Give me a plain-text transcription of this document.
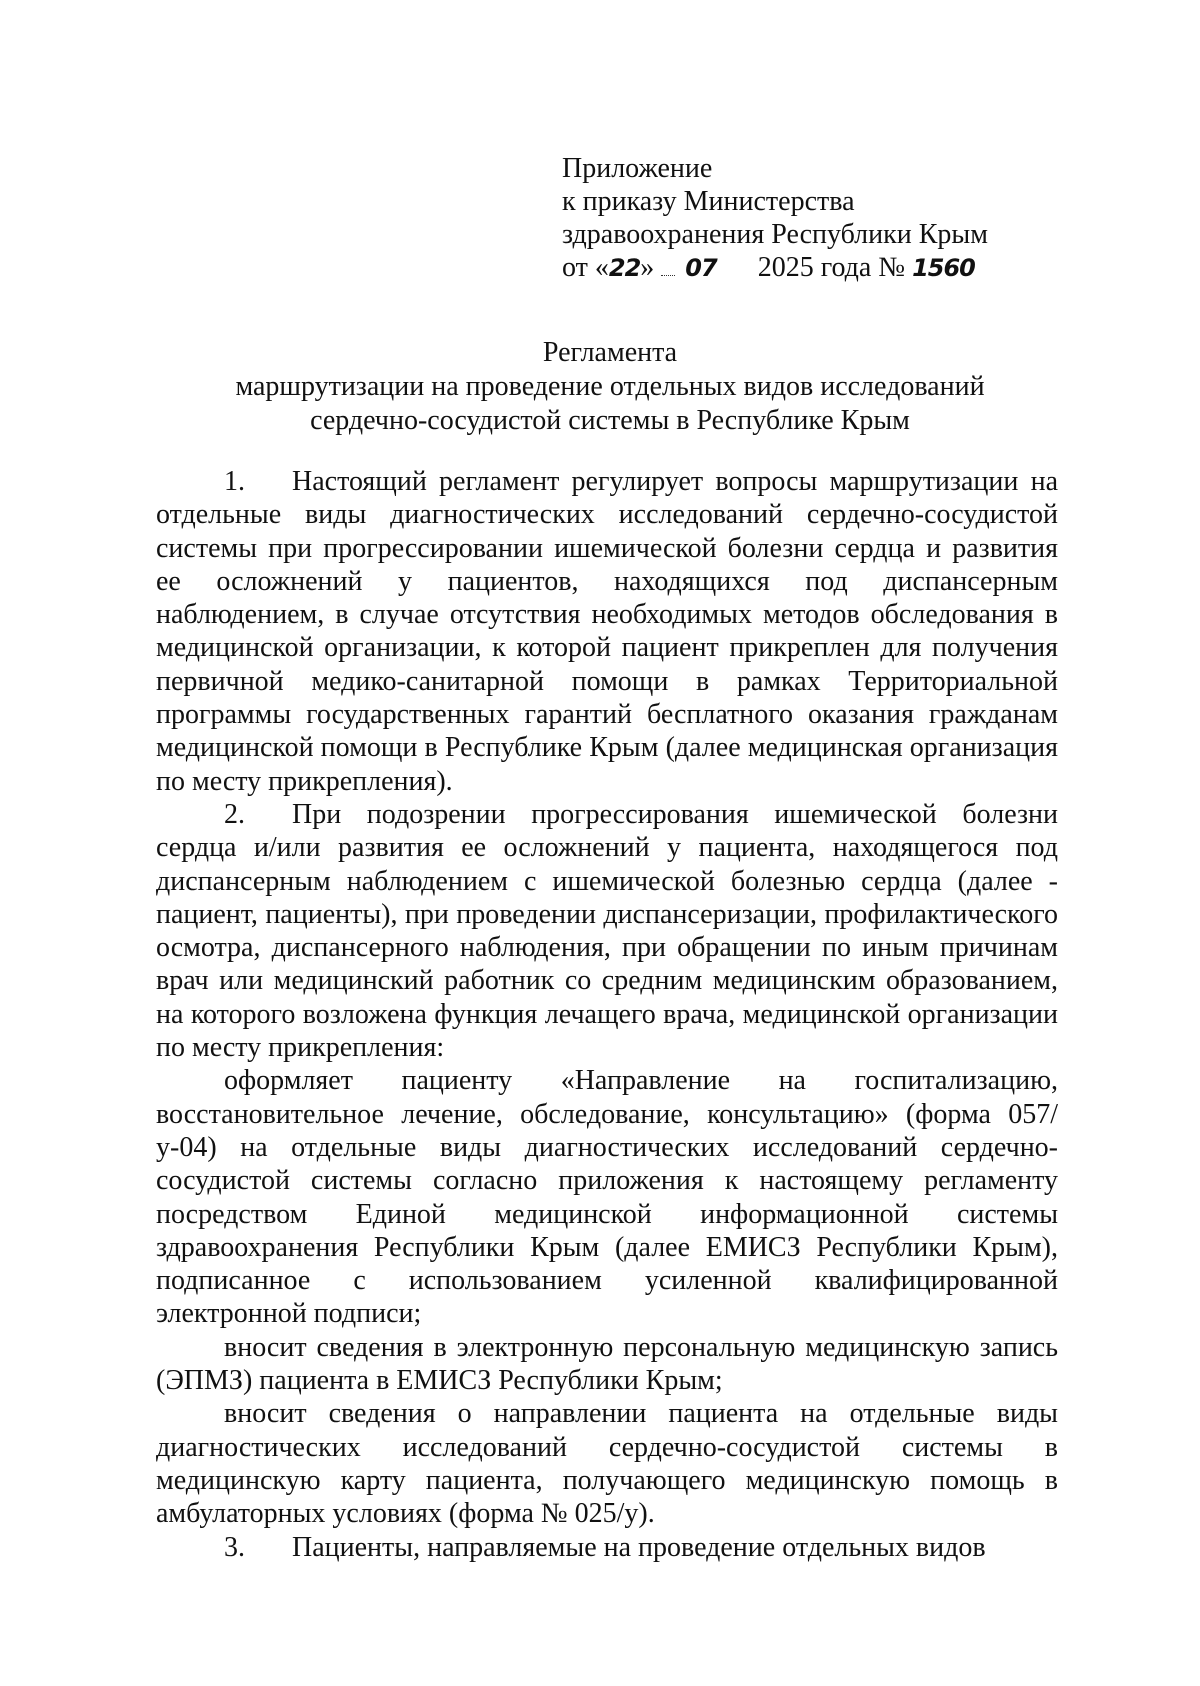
Приложение
к приказу Министерства
здравоохранения Республики Крым
от «22» 07 2025 года № 1560
Регламента
маршрутизации на проведение отдельных видов исследований
сердечно-сосудистой системы в Республике Крым

1. Настоящий регламент регулирует вопросы маршрутизации на отдельные виды диагностических исследований сердечно-сосудистой системы при прогрессировании ишемической болезни сердца и развития ее осложнений у пациентов, находящихся под диспансерным наблюдением, в случае отсутствия необходимых методов обследования в медицинской организации, к которой пациент прикреплен для получения первичной медико-санитарной помощи в рамках Территориальной программы государственных гарантий бесплатного оказания гражданам медицинской помощи в Республике Крым (далее медицинская организация по месту прикрепления).

2. При подозрении прогрессирования ишемической болезни сердца и/или развития ее осложнений у пациента, находящегося под диспансерным наблюдением с ишемической болезнью сердца (далее - пациент, пациенты), при проведении диспансеризации, профилактического осмотра, диспансерного наблюдения, при обращении по иным причинам врач или медицинский работник со средним медицинским образованием, на которого возложена функция лечащего врача, медицинской организации по месту прикрепления:

оформляет пациенту «Направление на госпитализацию, восстановительное лечение, обследование, консультацию» (форма 057/у-04) на отдельные виды диагностических исследований сердечно-сосудистой системы согласно приложения к настоящему регламенту посредством Единой медицинской информационной системы здравоохранения Республики Крым (далее ЕМИСЗ Республики Крым), подписанное с использованием усиленной квалифицированной электронной подписи;

вносит сведения в электронную персональную медицинскую запись (ЭПМЗ) пациента в ЕМИСЗ Республики Крым;

вносит сведения о направлении пациента на отдельные виды диагностических исследований сердечно-сосудистой системы в медицинскую карту пациента, получающего медицинскую помощь в амбулаторных условиях (форма № 025/у).

3. Пациенты, направляемые на проведение отдельных видов
